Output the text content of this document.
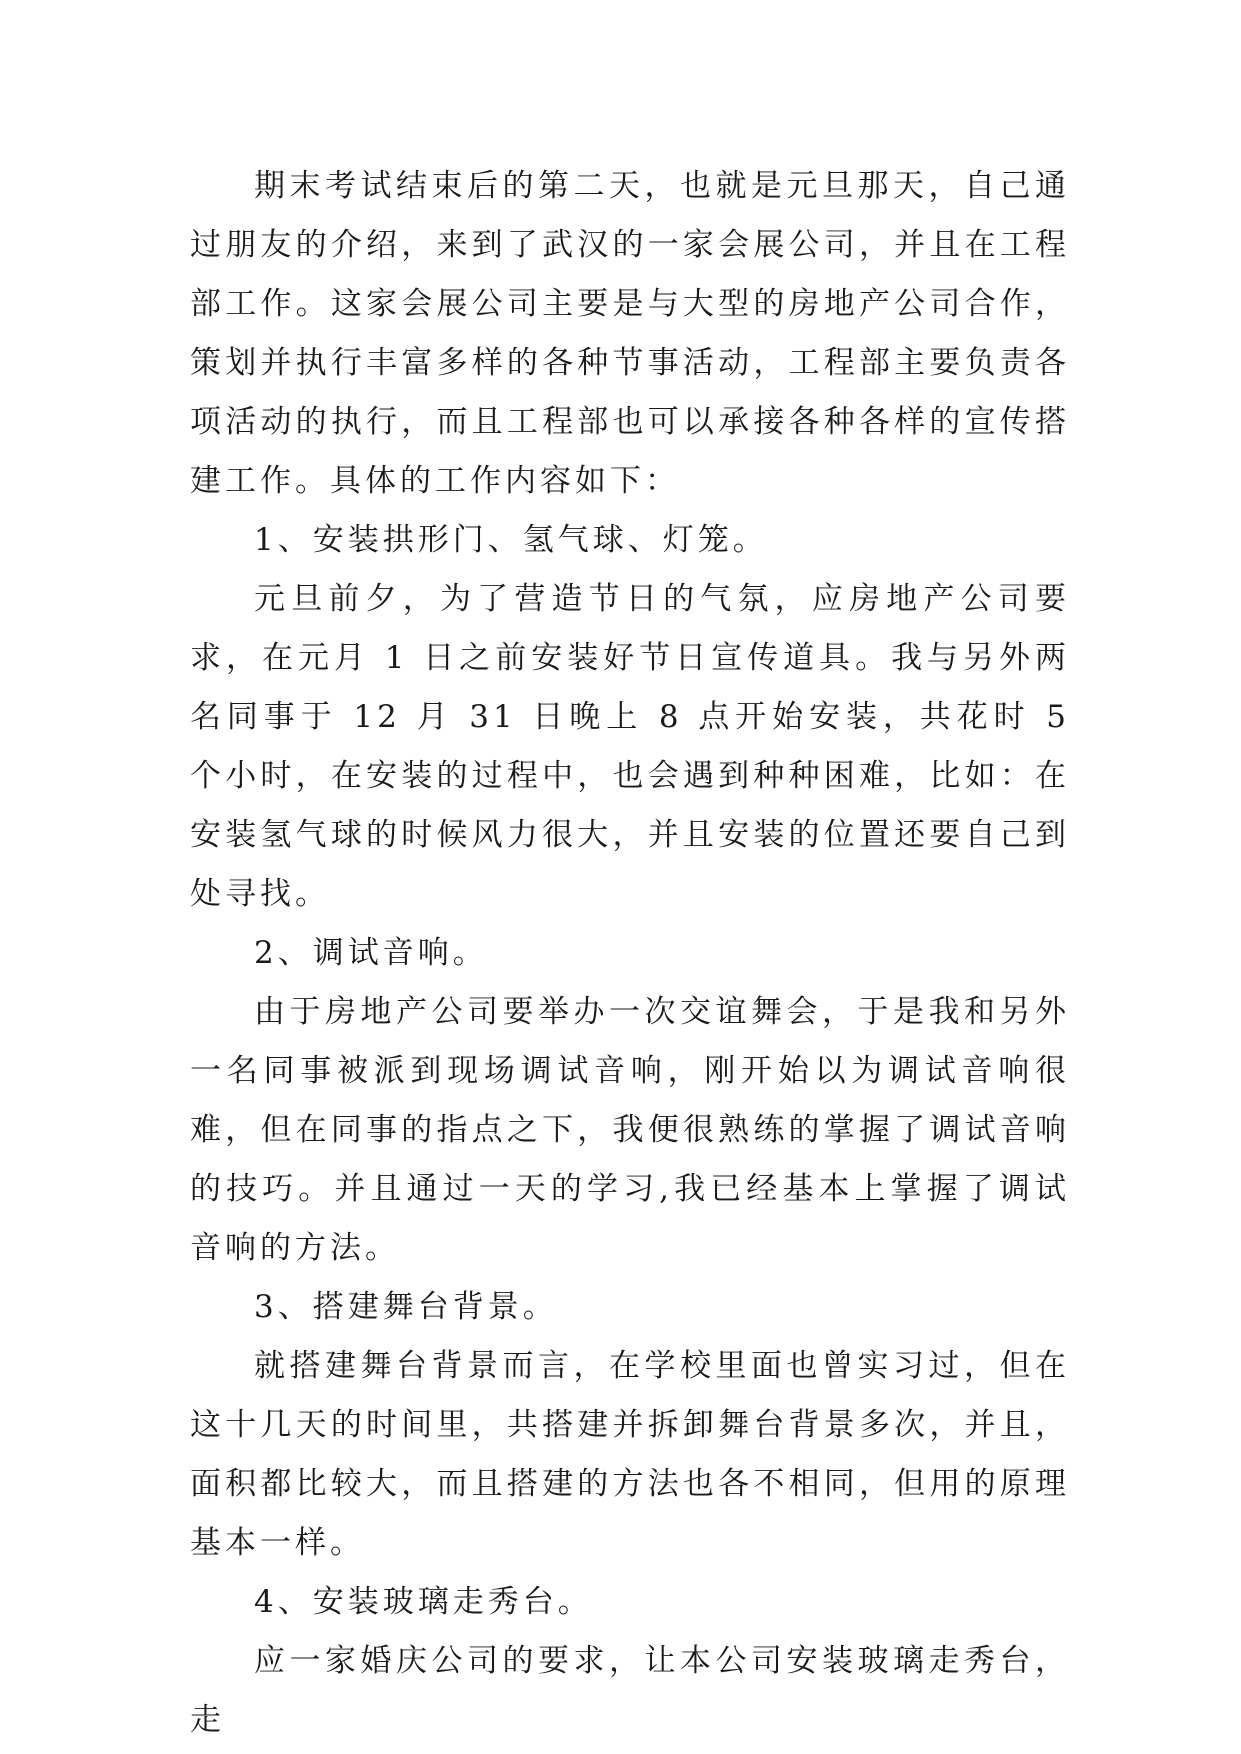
期末考试结束后的第二天，也就是元旦那天，自己通过朋友的介绍，来到了武汉的一家会展公司，并且在工程部工作。这家会展公司主要是与大型的房地产公司合作，策划并执行丰富多样的各种节事活动，工程部主要负责各项活动的执行，而且工程部也可以承接各种各样的宣传搭建工作。具体的工作内容如下：

1、安装拱形门、氢气球、灯笼。

元旦前夕，为了营造节日的气氛，应房地产公司要求，在元月 1 日之前安装好节日宣传道具。我与另外两名同事于 12 月 31 日晚上 8 点开始安装，共花时 5 个小时，在安装的过程中，也会遇到种种困难，比如：在安装氢气球的时候风力很大，并且安装的位置还要自己到处寻找。

2、调试音响。

由于房地产公司要举办一次交谊舞会，于是我和另外一名同事被派到现场调试音响，刚开始以为调试音响很难，但在同事的指点之下，我便很熟练的掌握了调试音响的技巧。并且通过一天的学习,我已经基本上掌握了调试音响的方法。

3、搭建舞台背景。

就搭建舞台背景而言，在学校里面也曾实习过，但在这十几天的时间里，共搭建并拆卸舞台背景多次，并且，面积都比较大，而且搭建的方法也各不相同，但用的原理基本一样。

4、安装玻璃走秀台。

应一家婚庆公司的要求，让本公司安装玻璃走秀台，走
